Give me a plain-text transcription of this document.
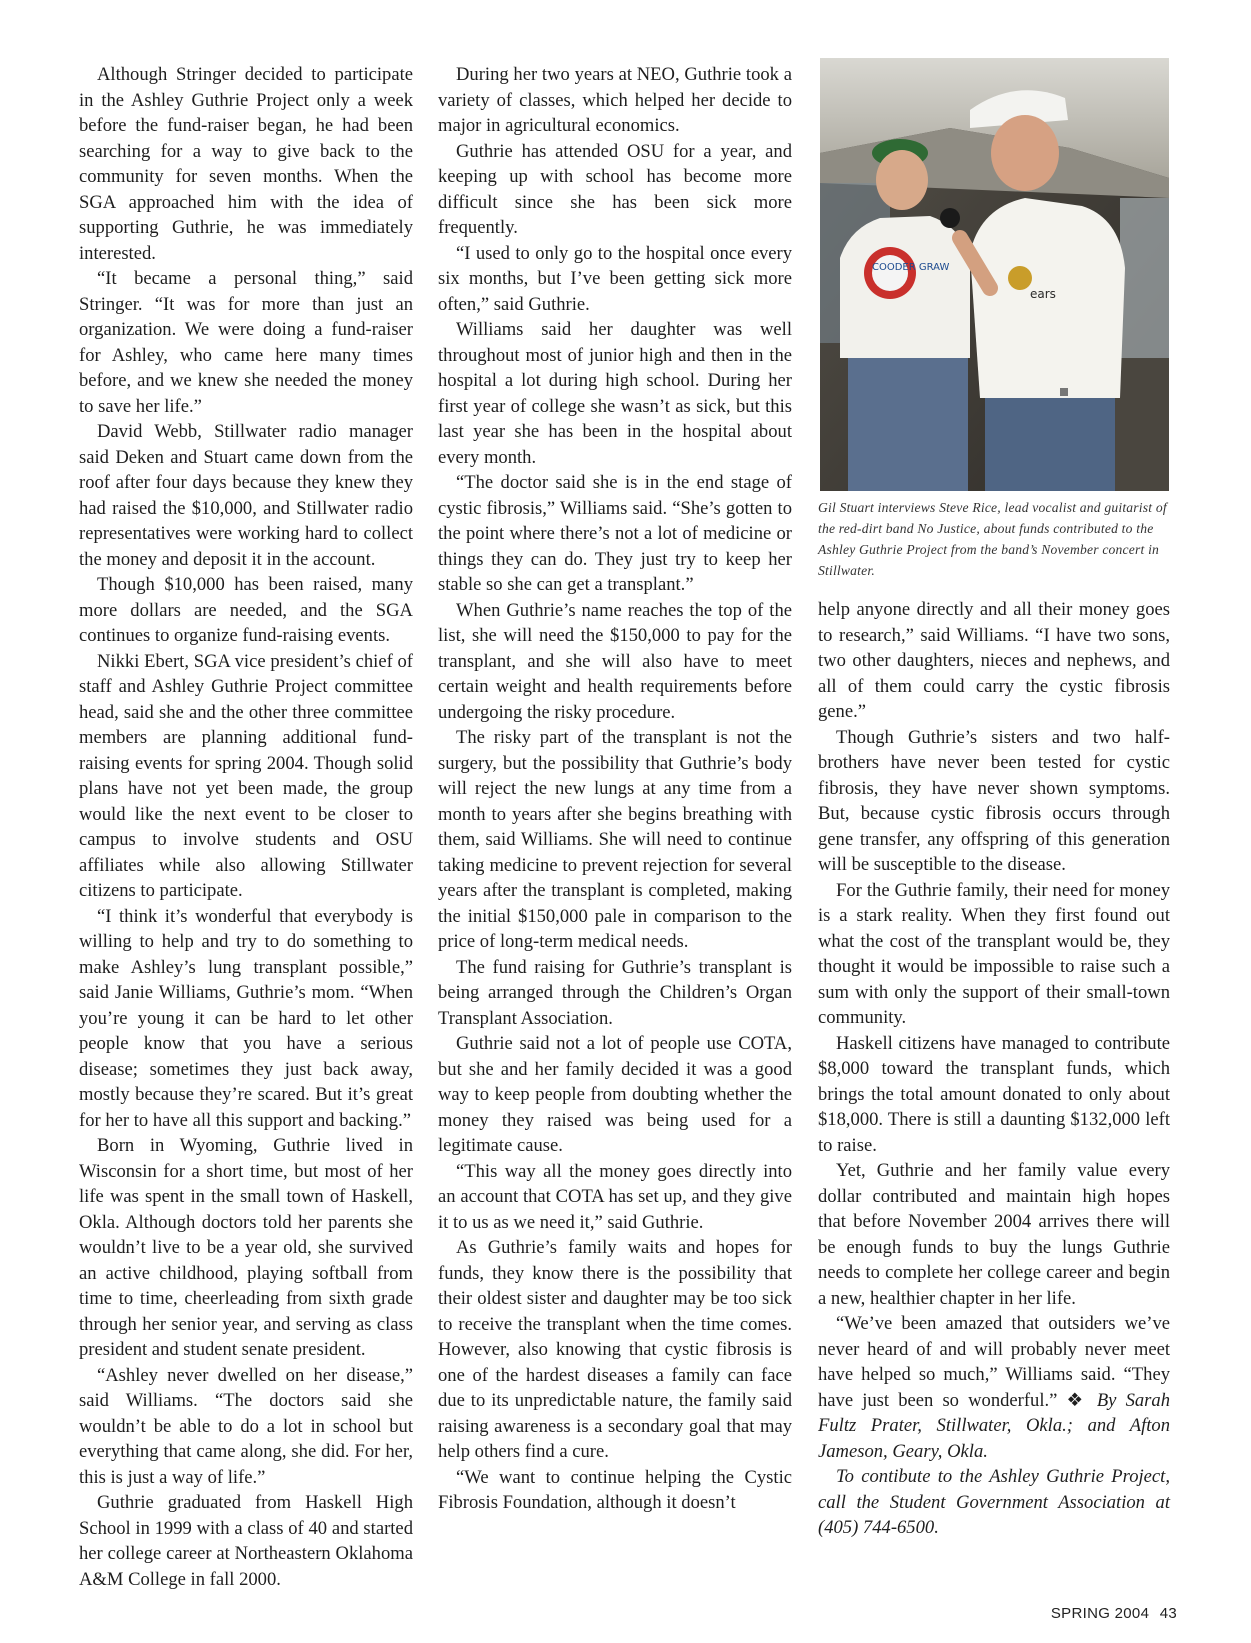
Although Stringer decided to participate in the Ashley Guthrie Project only a week before the fund-raiser began, he had been searching for a way to give back to the community for seven months. When the SGA approached him with the idea of supporting Guthrie, he was immediately interested.

“It became a personal thing,” said Stringer. “It was for more than just an organization. We were doing a fund-raiser for Ashley, who came here many times before, and we knew she needed the money to save her life.”

David Webb, Stillwater radio manager said Deken and Stuart came down from the roof after four days because they knew they had raised the $10,000, and Stillwater radio representatives were working hard to collect the money and deposit it in the account.

Though $10,000 has been raised, many more dollars are needed, and the SGA continues to organize fund-raising events.

Nikki Ebert, SGA vice president’s chief of staff and Ashley Guthrie Project committee head, said she and the other three committee members are planning additional fund-raising events for spring 2004. Though solid plans have not yet been made, the group would like the next event to be closer to campus to involve students and OSU affiliates while also allowing Stillwater citizens to participate.

“I think it’s wonderful that everybody is willing to help and try to do something to make Ashley’s lung transplant possible,” said Janie Williams, Guthrie’s mom. “When you’re young it can be hard to let other people know that you have a serious disease; sometimes they just back away, mostly because they’re scared. But it’s great for her to have all this support and backing.”

Born in Wyoming, Guthrie lived in Wisconsin for a short time, but most of her life was spent in the small town of Haskell, Okla. Although doctors told her parents she wouldn’t live to be a year old, she survived an active childhood, playing softball from time to time, cheerleading from sixth grade through her senior year, and serving as class president and student senate president.

“Ashley never dwelled on her disease,” said Williams. “The doctors said she wouldn’t be able to do a lot in school but everything that came along, she did. For her, this is just a way of life.”

Guthrie graduated from Haskell High School in 1999 with a class of 40 and started her college career at Northeastern Oklahoma A&M College in fall 2000.

During her two years at NEO, Guthrie took a variety of classes, which helped her decide to major in agricultural economics.

Guthrie has attended OSU for a year, and keeping up with school has become more difficult since she has been sick more frequently.

“I used to only go to the hospital once every six months, but I’ve been getting sick more often,” said Guthrie.

Williams said her daughter was well throughout most of junior high and then in the hospital a lot during high school. During her first year of college she wasn’t as sick, but this last year she has been in the hospital about every month.

“The doctor said she is in the end stage of cystic fibrosis,” Williams said. “She’s gotten to the point where there’s not a lot of medicine or things they can do. They just try to keep her stable so she can get a transplant.”

When Guthrie’s name reaches the top of the list, she will need the $150,000 to pay for the transplant, and she will also have to meet certain weight and health requirements before undergoing the risky procedure.

The risky part of the transplant is not the surgery, but the possibility that Guthrie’s body will reject the new lungs at any time from a month to years after she begins breathing with them, said Williams. She will need to continue taking medicine to prevent rejection for several years after the transplant is completed, making the initial $150,000 pale in comparison to the price of long-term medical needs.

The fund raising for Guthrie’s transplant is being arranged through the Children’s Organ Transplant Association.

Guthrie said not a lot of people use COTA, but she and her family decided it was a good way to keep people from doubting whether the money they raised was being used for a legitimate cause.

“This way all the money goes directly into an account that COTA has set up, and they give it to us as we need it,” said Guthrie.

As Guthrie’s family waits and hopes for funds, they know there is the possibility that their oldest sister and daughter may be too sick to receive the transplant when the time comes. However, also knowing that cystic fibrosis is one of the hardest diseases a family can face due to its unpredictable nature, the family said raising awareness is a secondary goal that may help others find a cure.

“We want to continue helping the Cystic Fibrosis Foundation, although it doesn’t

COODER GRAW
ears
Gil Stuart interviews Steve Rice, lead vocalist and guitarist of the red-dirt band No Justice, about funds contributed to the Ashley Guthrie Project from the band’s November concert in Stillwater.

help anyone directly and all their money goes to research,” said Williams. “I have two sons, two other daughters, nieces and nephews, and all of them could carry the cystic fibrosis gene.”

Though Guthrie’s sisters and two half-brothers have never been tested for cystic fibrosis, they have never shown symptoms. But, because cystic fibrosis occurs through gene transfer, any offspring of this generation will be susceptible to the disease.

For the Guthrie family, their need for money is a stark reality. When they first found out what the cost of the transplant would be, they thought it would be impossible to raise such a sum with only the support of their small-town community.

Haskell citizens have managed to contribute $8,000 toward the transplant funds, which brings the total amount donated to only about $18,000. There is still a daunting $132,000 left to raise.

Yet, Guthrie and her family value every dollar contributed and maintain high hopes that before November 2004 arrives there will be enough funds to buy the lungs Guthrie needs to complete her college career and begin a new, healthier chapter in her life.

“We’ve been amazed that outsiders we’ve never heard of and will probably never meet have helped so much,” Williams said. “They have just been so wonderful.” ❖ By Sarah Fultz Prater, Stillwater, Okla.; and Afton Jameson, Geary, Okla.

To contibute to the Ashley Guthrie Project, call the Student Government Association at (405) 744-6500.

SPRING 2004 43
